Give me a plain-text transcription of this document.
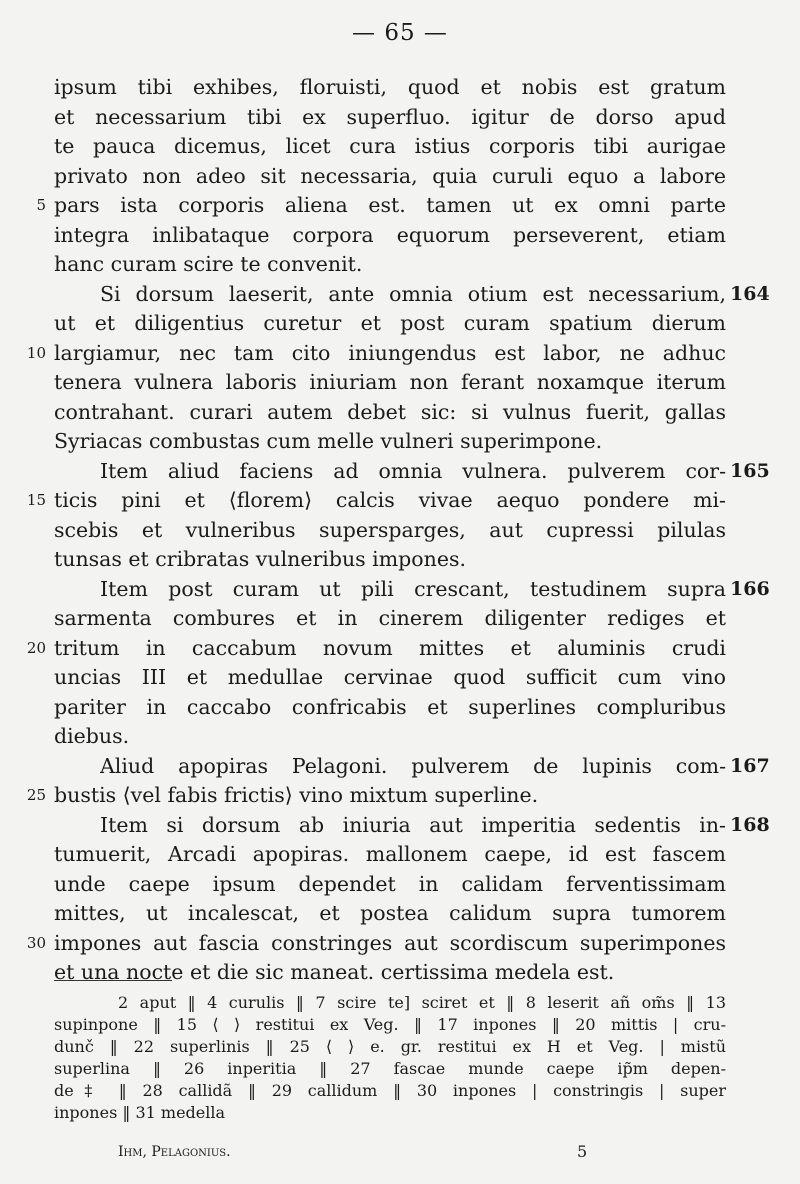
— 65 —
ipsum tibi exhibes, floruisti, quod et nobis est gratum
et necessarium tibi ex superfluo. igitur de dorso apud
te pauca dicemus, licet cura istius corporis tibi aurigae
privato non adeo sit necessaria, quia curuli equo a labore
pars ista corporis aliena est. tamen ut ex omni parte
5
integra inlibataque corpora equorum perseverent, etiam
hanc curam scire te convenit.
Si dorsum laeserit, ante omnia otium est necessarium, 164
ut et diligentius curetur et post curam spatium dierum
largiamur, nec tam cito iniungendus est labor, ne adhuc
10
tenera vulnera laboris iniuriam non ferant noxamque iterum
contrahant. curari autem debet sic: si vulnus fuerit, gallas
Syriacas combustas cum melle vulneri superimpone.
Item aliud faciens ad omnia vulnera. pulverem cor- 165
ticis pini et ⟨florem⟩ calcis vivae aequo pondere mi-
15
scebis et vulneribus supersparges, aut cupressi pilulas
tunsas et cribratas vulneribus impones.
Item post curam ut pili crescant, testudinem supra 166
sarmenta combures et in cinerem diligenter rediges et
tritum in caccabum novum mittes et aluminis crudi
20
uncias III et medullae cervinae quod sufficit cum vino
pariter in caccabo confricabis et superlines compluribus
diebus.
Aliud apopiras Pelagoni. pulverem de lupinis com- 167
bustis ⟨vel fabis frictis⟩ vino mixtum superline.
25
Item si dorsum ab iniuria aut imperitia sedentis in- 168
tumuerit, Arcadi apopiras. mallonem caepe, id est fascem
unde caepe ipsum dependet in calidam ferventissimam
mittes, ut incalescat, et postea calidum supra tumorem
impones aut fascia constringes aut scordiscum superimpones
30
et una nocte et die sic maneat. certissima medela est.
2 aput ‖ 4 curulis ‖ 7 scire te] sciret et ‖ 8 leserit añ om̃s ‖ 13
supinpone ‖ 15 ⟨ ⟩ restitui ex Veg. ‖ 17 inpones ‖ 20 mittis | cru-
dunč ‖ 22 superlinis ‖ 25 ⟨ ⟩ e. gr. restitui ex H et Veg. | mistũ
superlina ‖ 26 inperitia ‖ 27 fascae munde caepe ip̃m depen-
de‡ ‖ 28 callidã ‖ 29 callidum ‖ 30 inpones | constringis | super
inpones ‖ 31 medella
Ihm, Pelagonius.	5
